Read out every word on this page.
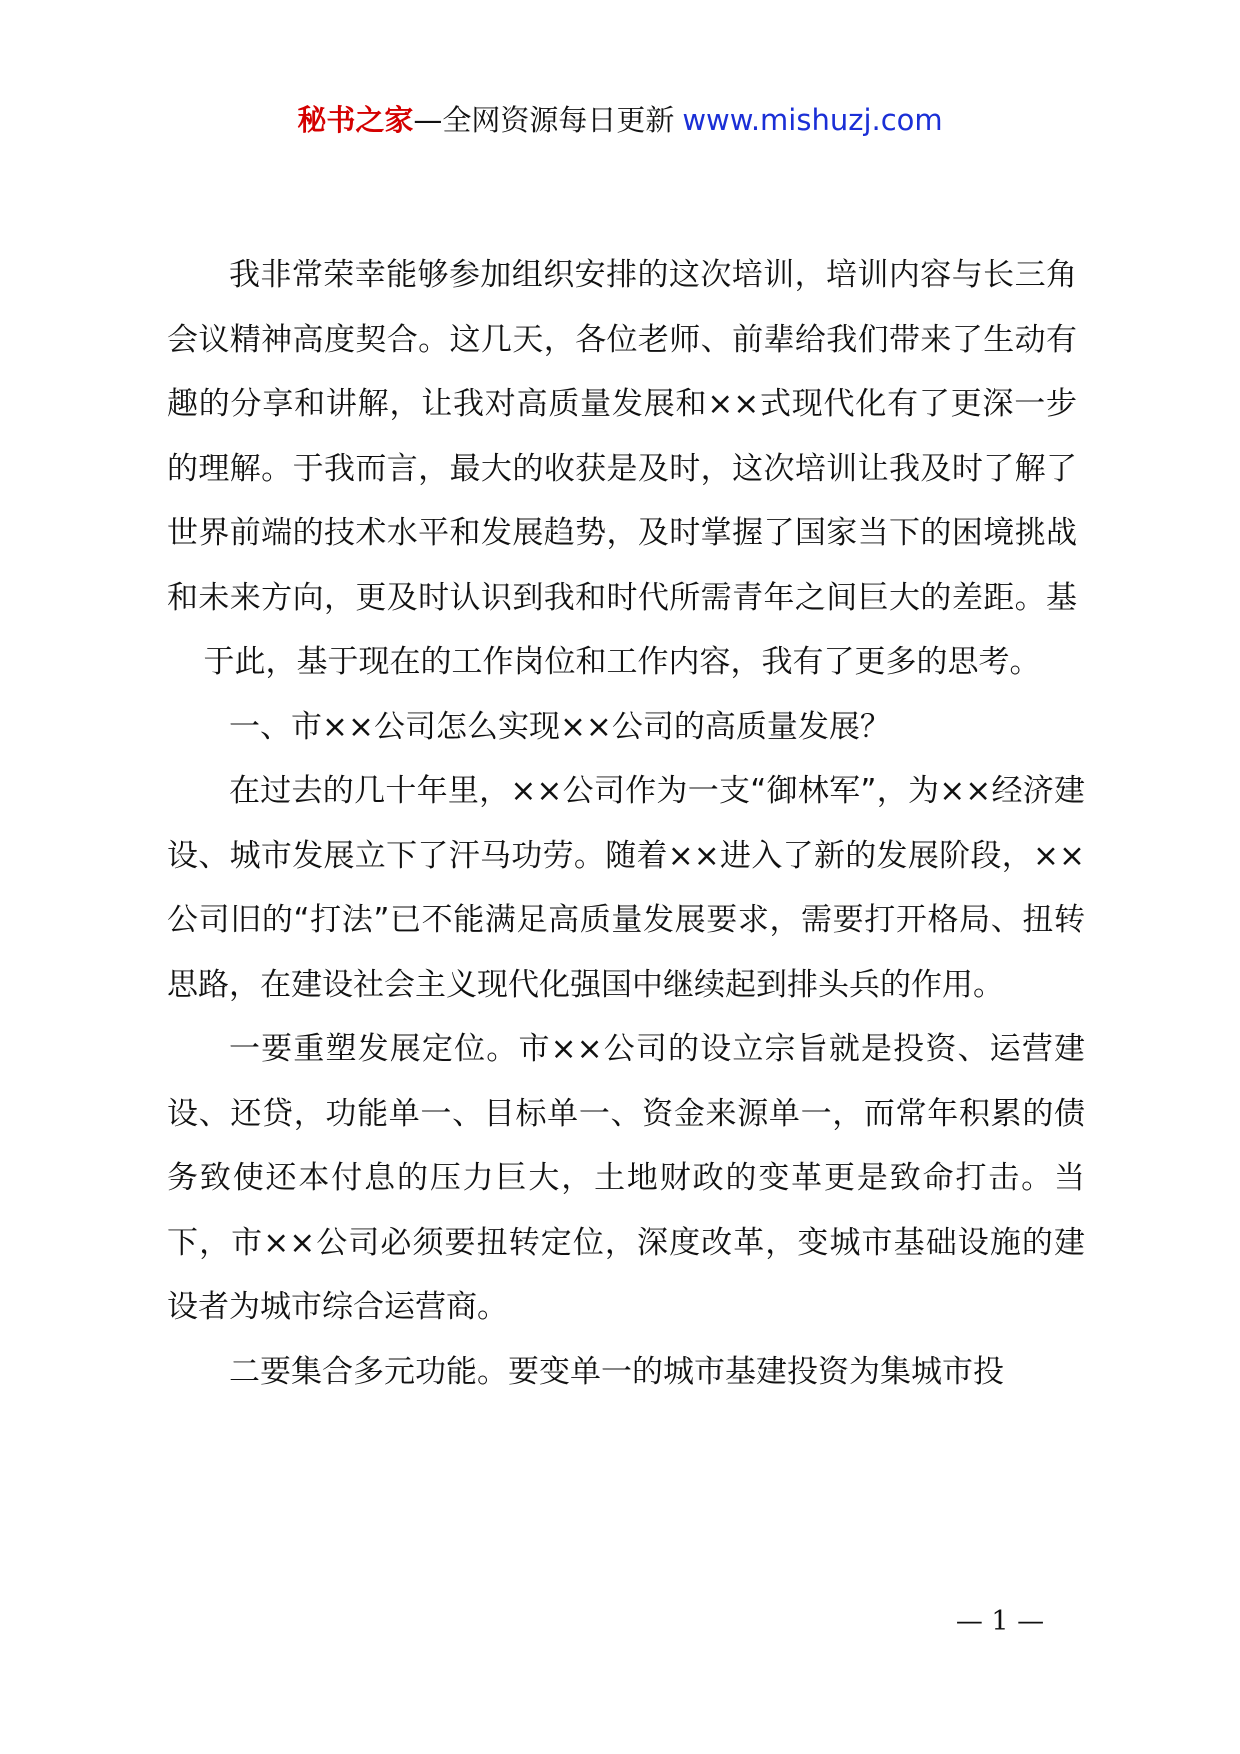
秘书之家—全网资源每日更新 www.mishuzj.com

我非常荣幸能够参加组织安排的这次培训，培训内容与长三角会议精神高度契合。这几天，各位老师、前辈给我们带来了生动有趣的分享和讲解，让我对高质量发展和××式现代化有了更深一步的理解。于我而言，最大的收获是及时，这次培训让我及时了解了世界前端的技术水平和发展趋势，及时掌握了国家当下的困境挑战和未来方向，更及时认识到我和时代所需青年之间巨大的差距。基于此，基于现在的工作岗位和工作内容，我有了更多的思考。

一、市××公司怎么实现××公司的高质量发展？

在过去的几十年里，××公司作为一支“御林军”，为××经济建设、城市发展立下了汗马功劳。随着××进入了新的发展阶段，××公司旧的“打法”已不能满足高质量发展要求，需要打开格局、扭转思路，在建设社会主义现代化强国中继续起到排头兵的作用。

一要重塑发展定位。市××公司的设立宗旨就是投资、运营建设、还贷，功能单一、目标单一、资金来源单一，而常年积累的债务致使还本付息的压力巨大，土地财政的变革更是致命打击。当下，市××公司必须要扭转定位，深度改革，变城市基础设施的建设者为城市综合运营商。

二要集合多元功能。要变单一的城市基建投资为集城市投

— 1 —
